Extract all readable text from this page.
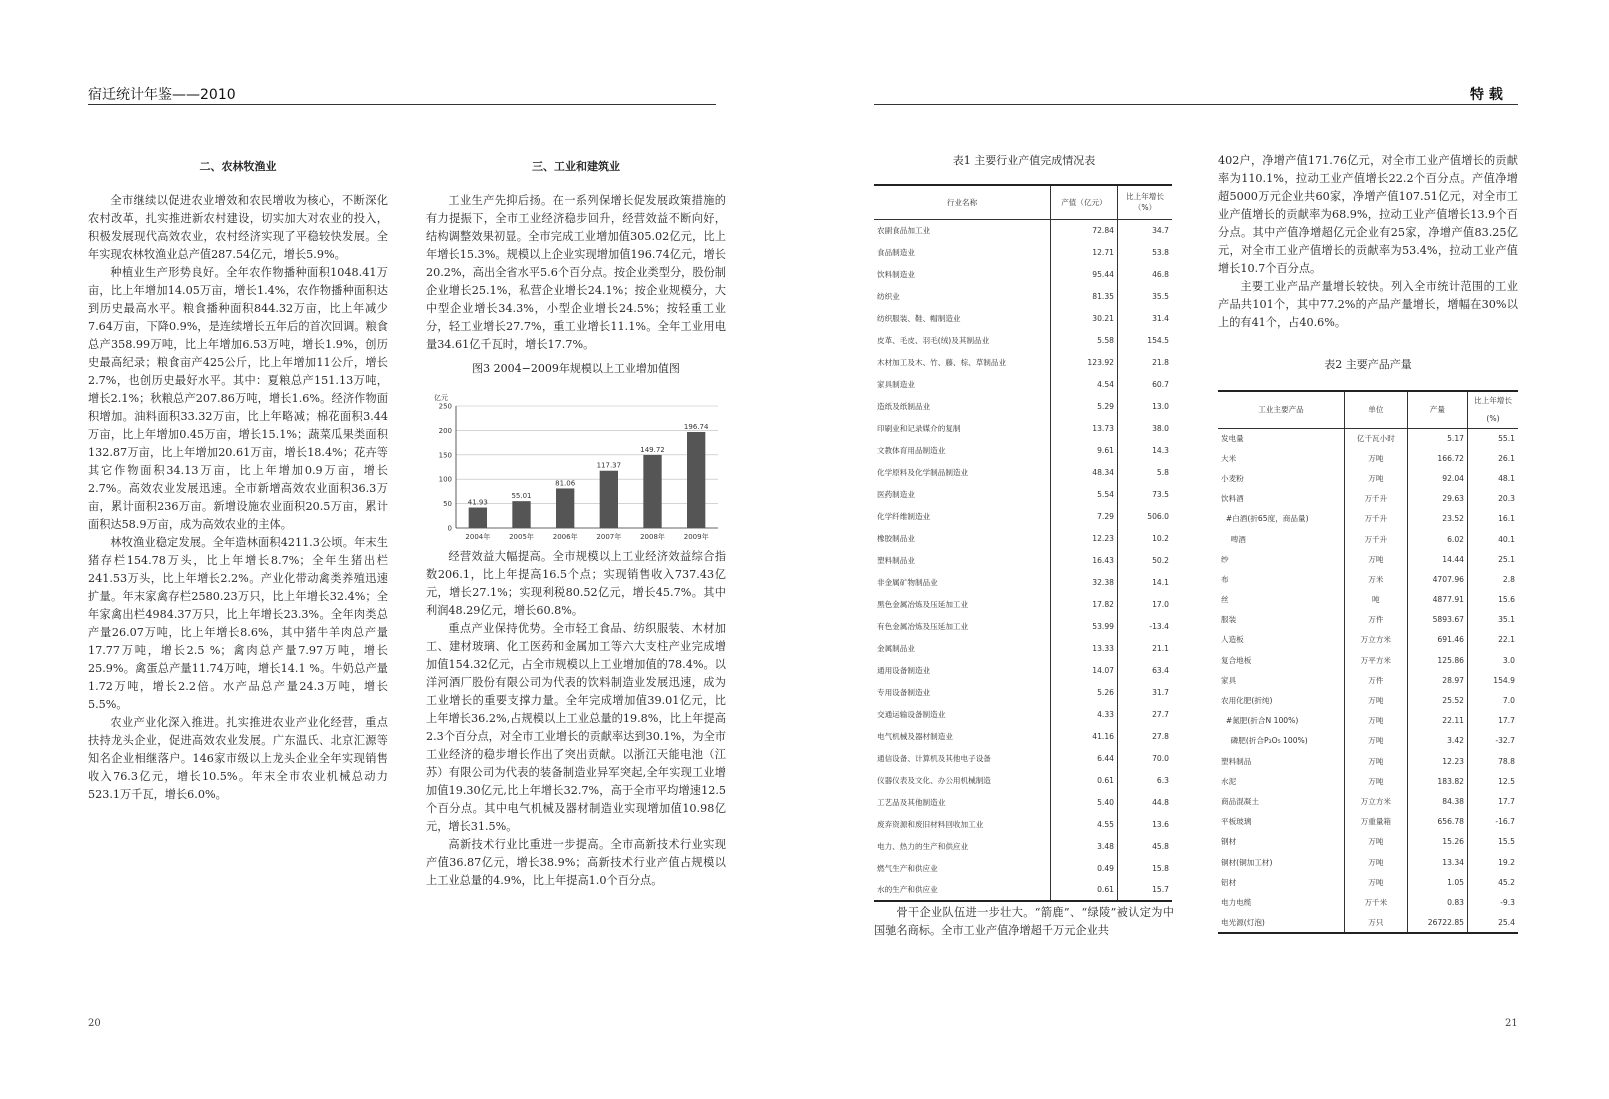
宿迁统计年鉴——2010	特 载
二、农林牧渔业

全市继续以促进农业增效和农民增收为核心，不断深化农村改革，扎实推进新农村建设，切实加大对农业的投入，积极发展现代高效农业，农村经济实现了平稳较快发展。全年实现农林牧渔业总产值287.54亿元，增长5.9%。

种植业生产形势良好。全年农作物播种面积1048.41万亩，比上年增加14.05万亩，增长1.4%，农作物播种面积达到历史最高水平。粮食播种面积844.32万亩，比上年减少7.64万亩，下降0.9%，是连续增长五年后的首次回调。粮食总产358.99万吨，比上年增加6.53万吨，增长1.9%，创历史最高纪录；粮食亩产425公斤，比上年增加11公斤，增长2.7%，也创历史最好水平。其中：夏粮总产151.13万吨，增长2.1%；秋粮总产207.86万吨，增长1.6%。经济作物面积增加。油料面积33.32万亩，比上年略减；棉花面积3.44万亩，比上年增加0.45万亩，增长15.1%；蔬菜瓜果类面积132.87万亩，比上年增加20.61万亩，增长18.4%；花卉等其它作物面积34.13万亩，比上年增加0.9万亩，增长2.7%。高效农业发展迅速。全市新增高效农业面积36.3万亩，累计面积236万亩。新增设施农业面积20.5万亩，累计面积达58.9万亩，成为高效农业的主体。

林牧渔业稳定发展。全年造林面积4211.3公顷。年末生猪存栏154.78万头，比上年增长8.7%；全年生猪出栏241.53万头，比上年增长2.2%。产业化带动禽类养殖迅速扩量。年末家禽存栏2580.23万只，比上年增长32.4%；全年家禽出栏4984.37万只，比上年增长23.3%。全年肉类总产量26.07万吨，比上年增长8.6%，其中猪牛羊肉总产量17.77万吨，增长2.5 %；禽肉总产量7.97万吨，增长25.9%。禽蛋总产量11.74万吨，增长14.1 %。牛奶总产量1.72万吨，增长2.2倍。水产品总产量24.3万吨，增长5.5%。

农业产业化深入推进。扎实推进农业产业化经营，重点扶持龙头企业，促进高效农业发展。广东温氏、北京汇源等知名企业相继落户。146家市级以上龙头企业全年实现销售收入76.3亿元，增长10.5%。年末全市农业机械总动力523.1万千瓦，增长6.0%。

三、工业和建筑业

工业生产先抑后扬。在一系列保增长促发展政策措施的有力提振下，全市工业经济稳步回升，经营效益不断向好，结构调整效果初显。全市完成工业增加值305.02亿元，比上年增长15.3%。规模以上企业实现增加值196.74亿元，增长20.2%，高出全省水平5.6个百分点。按企业类型分，股份制企业增长25.1%，私营企业增长24.1%；按企业规模分，大中型企业增长34.3%，小型企业增长24.5%；按轻重工业分，轻工业增长27.7%，重工业增长11.1%。全年工业用电量34.61亿千瓦时，增长17.7%。

图3 2004−2009年规模以上工业增加值图
亿元
0
50
100
150
200
250
41.93
2004年
55.01
2005年
81.06
2006年
117.37
2007年
149.72
2008年
196.74
2009年

经营效益大幅提高。全市规模以上工业经济效益综合指数206.1，比上年提高16.5个点；实现销售收入737.43亿元，增长27.1%；实现利税80.52亿元，增长45.7%。其中利润48.29亿元，增长60.8%。

重点产业保持优势。全市轻工食品、纺织服装、木材加工、建材玻璃、化工医药和金属加工等六大支柱产业完成增加值154.32亿元，占全市规模以上工业增加值的78.4%。以洋河酒厂股份有限公司为代表的饮料制造业发展迅速，成为工业增长的重要支撑力量。全年完成增加值39.01亿元，比上年增长36.2%,占规模以上工业总量的19.8%，比上年提高2.3个百分点，对全市工业增长的贡献率达到30.1%，为全市工业经济的稳步增长作出了突出贡献。以浙江天能电池（江苏）有限公司为代表的装备制造业异军突起,全年实现工业增加值19.30亿元,比上年增长32.7%，高于全市平均增速12.5个百分点。其中电气机械及器材制造业实现增加值10.98亿元，增长31.5%。

高新技术行业比重进一步提高。全市高新技术行业实现产值36.87亿元，增长38.9%；高新技术行业产值占规模以上工业总量的4.9%，比上年提高1.0个百分点。

表1 主要行业产值完成情况表
行业名称	产值（亿元）	比上年增长（%）
农副食品加工业	72.84	34.7
食品制造业	12.71	53.8
饮料制造业	95.44	46.8
纺织业	81.35	35.5
纺织服装、鞋、帽制造业	30.21	31.4
皮革、毛皮、羽毛(绒)及其制品业	5.58	154.5
木材加工及木、竹、藤、棕、草制品业	123.92	21.8
家具制造业	4.54	60.7
造纸及纸制品业	5.29	13.0
印刷业和记录媒介的复制	13.73	38.0
文教体育用品制造业	9.61	14.3
化学原料及化学制品制造业	48.34	5.8
医药制造业	5.54	73.5
化学纤维制造业	7.29	506.0
橡胶制品业	12.23	10.2
塑料制品业	16.43	50.2
非金属矿物制品业	32.38	14.1
黑色金属冶炼及压延加工业	17.82	17.0
有色金属冶炼及压延加工业	53.99	-13.4
金属制品业	13.33	21.1
通用设备制造业	14.07	63.4
专用设备制造业	5.26	31.7
交通运输设备制造业	4.33	27.7
电气机械及器材制造业	41.16	27.8
通信设备、计算机及其他电子设备	6.44	70.0
仪器仪表及文化、办公用机械制造	0.61	6.3
工艺品及其他制造业	5.40	44.8
废弃资源和废旧材料回收加工业	4.55	13.6
电力、热力的生产和供应业	3.48	45.8
燃气生产和供应业	0.49	15.8
水的生产和供应业	0.61	15.7

骨干企业队伍进一步壮大。“箭鹿”、“绿陵”被认定为中国驰名商标。全市工业产值净增超千万元企业共

402户，净增产值171.76亿元，对全市工业产值增长的贡献率为110.1%，拉动工业产值增长22.2个百分点。产值净增超5000万元企业共60家，净增产值107.51亿元，对全市工业产值增长的贡献率为68.9%，拉动工业产值增长13.9个百分点。其中产值净增超亿元企业有25家，净增产值83.25亿元，对全市工业产值增长的贡献率为53.4%，拉动工业产值增长10.7个百分点。

主要工业产品产量增长较快。列入全市统计范围的工业产品共101个，其中77.2%的产品产量增长，增幅在30%以上的有41个，占40.6%。

表2 主要产品产量
工业主要产品	单位	产量	比上年增长(%)
发电量	亿千瓦小时	5.17	55.1
大米	万吨	166.72	26.1
小麦粉	万吨	92.04	48.1
饮料酒	万千升	29.63	20.3
#白酒(折65度，商品量)	万千升	23.52	16.1
啤酒	万千升	6.02	40.1
纱	万吨	14.44	25.1
布	万米	4707.96	2.8
丝	吨	4877.91	15.6
服装	万件	5893.67	35.1
人造板	万立方米	691.46	22.1
复合地板	万平方米	125.86	3.0
家具	万件	28.97	154.9
农用化肥(折纯)	万吨	25.52	7.0
#氮肥(折合N 100%)	万吨	22.11	17.7
磷肥(折合P₂O₅ 100%)	万吨	3.42	-32.7
塑料制品	万吨	12.23	78.8
水泥	万吨	183.82	12.5
商品混凝土	万立方米	84.38	17.7
平板玻璃	万重量箱	656.78	-16.7
钢材	万吨	15.26	15.5
铜材(铜加工材)	万吨	13.34	19.2
铝材	万吨	1.05	45.2
电力电缆	万千米	0.83	-9.3
电光源(灯泡)	万只	26722.85	25.4
20	21
